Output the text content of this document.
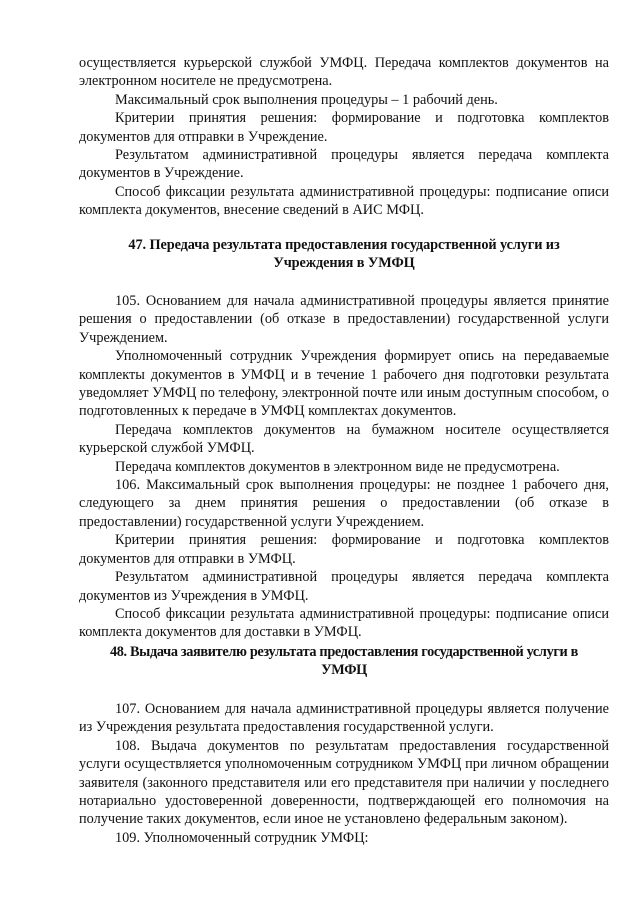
осуществляется курьерской службой УМФЦ. Передача комплектов документов на электронном носителе не предусмотрена.

Максимальный срок выполнения процедуры – 1 рабочий день.

Критерии принятия решения: формирование и подготовка комплектов документов для отправки в Учреждение.

Результатом административной процедуры является передача комплекта документов в Учреждение.

Способ фиксации результата административной процедуры: подписание описи комплекта документов, внесение сведений в АИС МФЦ.

47. Передача результата предоставления государственной услуги из
Учреждения в УМФЦ

105. Основанием для начала административной процедуры является принятие решения о предоставлении (об отказе в предоставлении) государственной услуги Учреждением.

Уполномоченный сотрудник Учреждения формирует опись на передаваемые комплекты документов в УМФЦ и в течение 1 рабочего дня подготовки результата уведомляет УМФЦ по телефону, электронной почте или иным доступным способом, о подготовленных к передаче в УМФЦ комплектах документов.

Передача комплектов документов на бумажном носителе осуществляется курьерской службой УМФЦ.

Передача комплектов документов в электронном виде не предусмотрена.

106. Максимальный срок выполнения процедуры: не позднее 1 рабочего дня, следующего за днем принятия решения о предоставлении (об отказе в предоставлении) государственной услуги Учреждением.

Критерии принятия решения: формирование и подготовка комплектов документов для отправки в УМФЦ.

Результатом административной процедуры является передача комплекта документов из Учреждения в УМФЦ.

Способ фиксации результата административной процедуры: подписание описи комплекта документов для доставки в УМФЦ.

48. Выдача заявителю результата предоставления государственной услуги в
УМФЦ

107. Основанием для начала административной процедуры является получение из Учреждения результата предоставления государственной услуги.

108. Выдача документов по результатам предоставления государственной услуги осуществляется уполномоченным сотрудником УМФЦ при личном обращении заявителя (законного представителя или его представителя при наличии у последнего нотариально удостоверенной доверенности, подтверждающей его полномочия на получение таких документов, если иное не установлено федеральным законом).

109. Уполномоченный сотрудник УМФЦ:
